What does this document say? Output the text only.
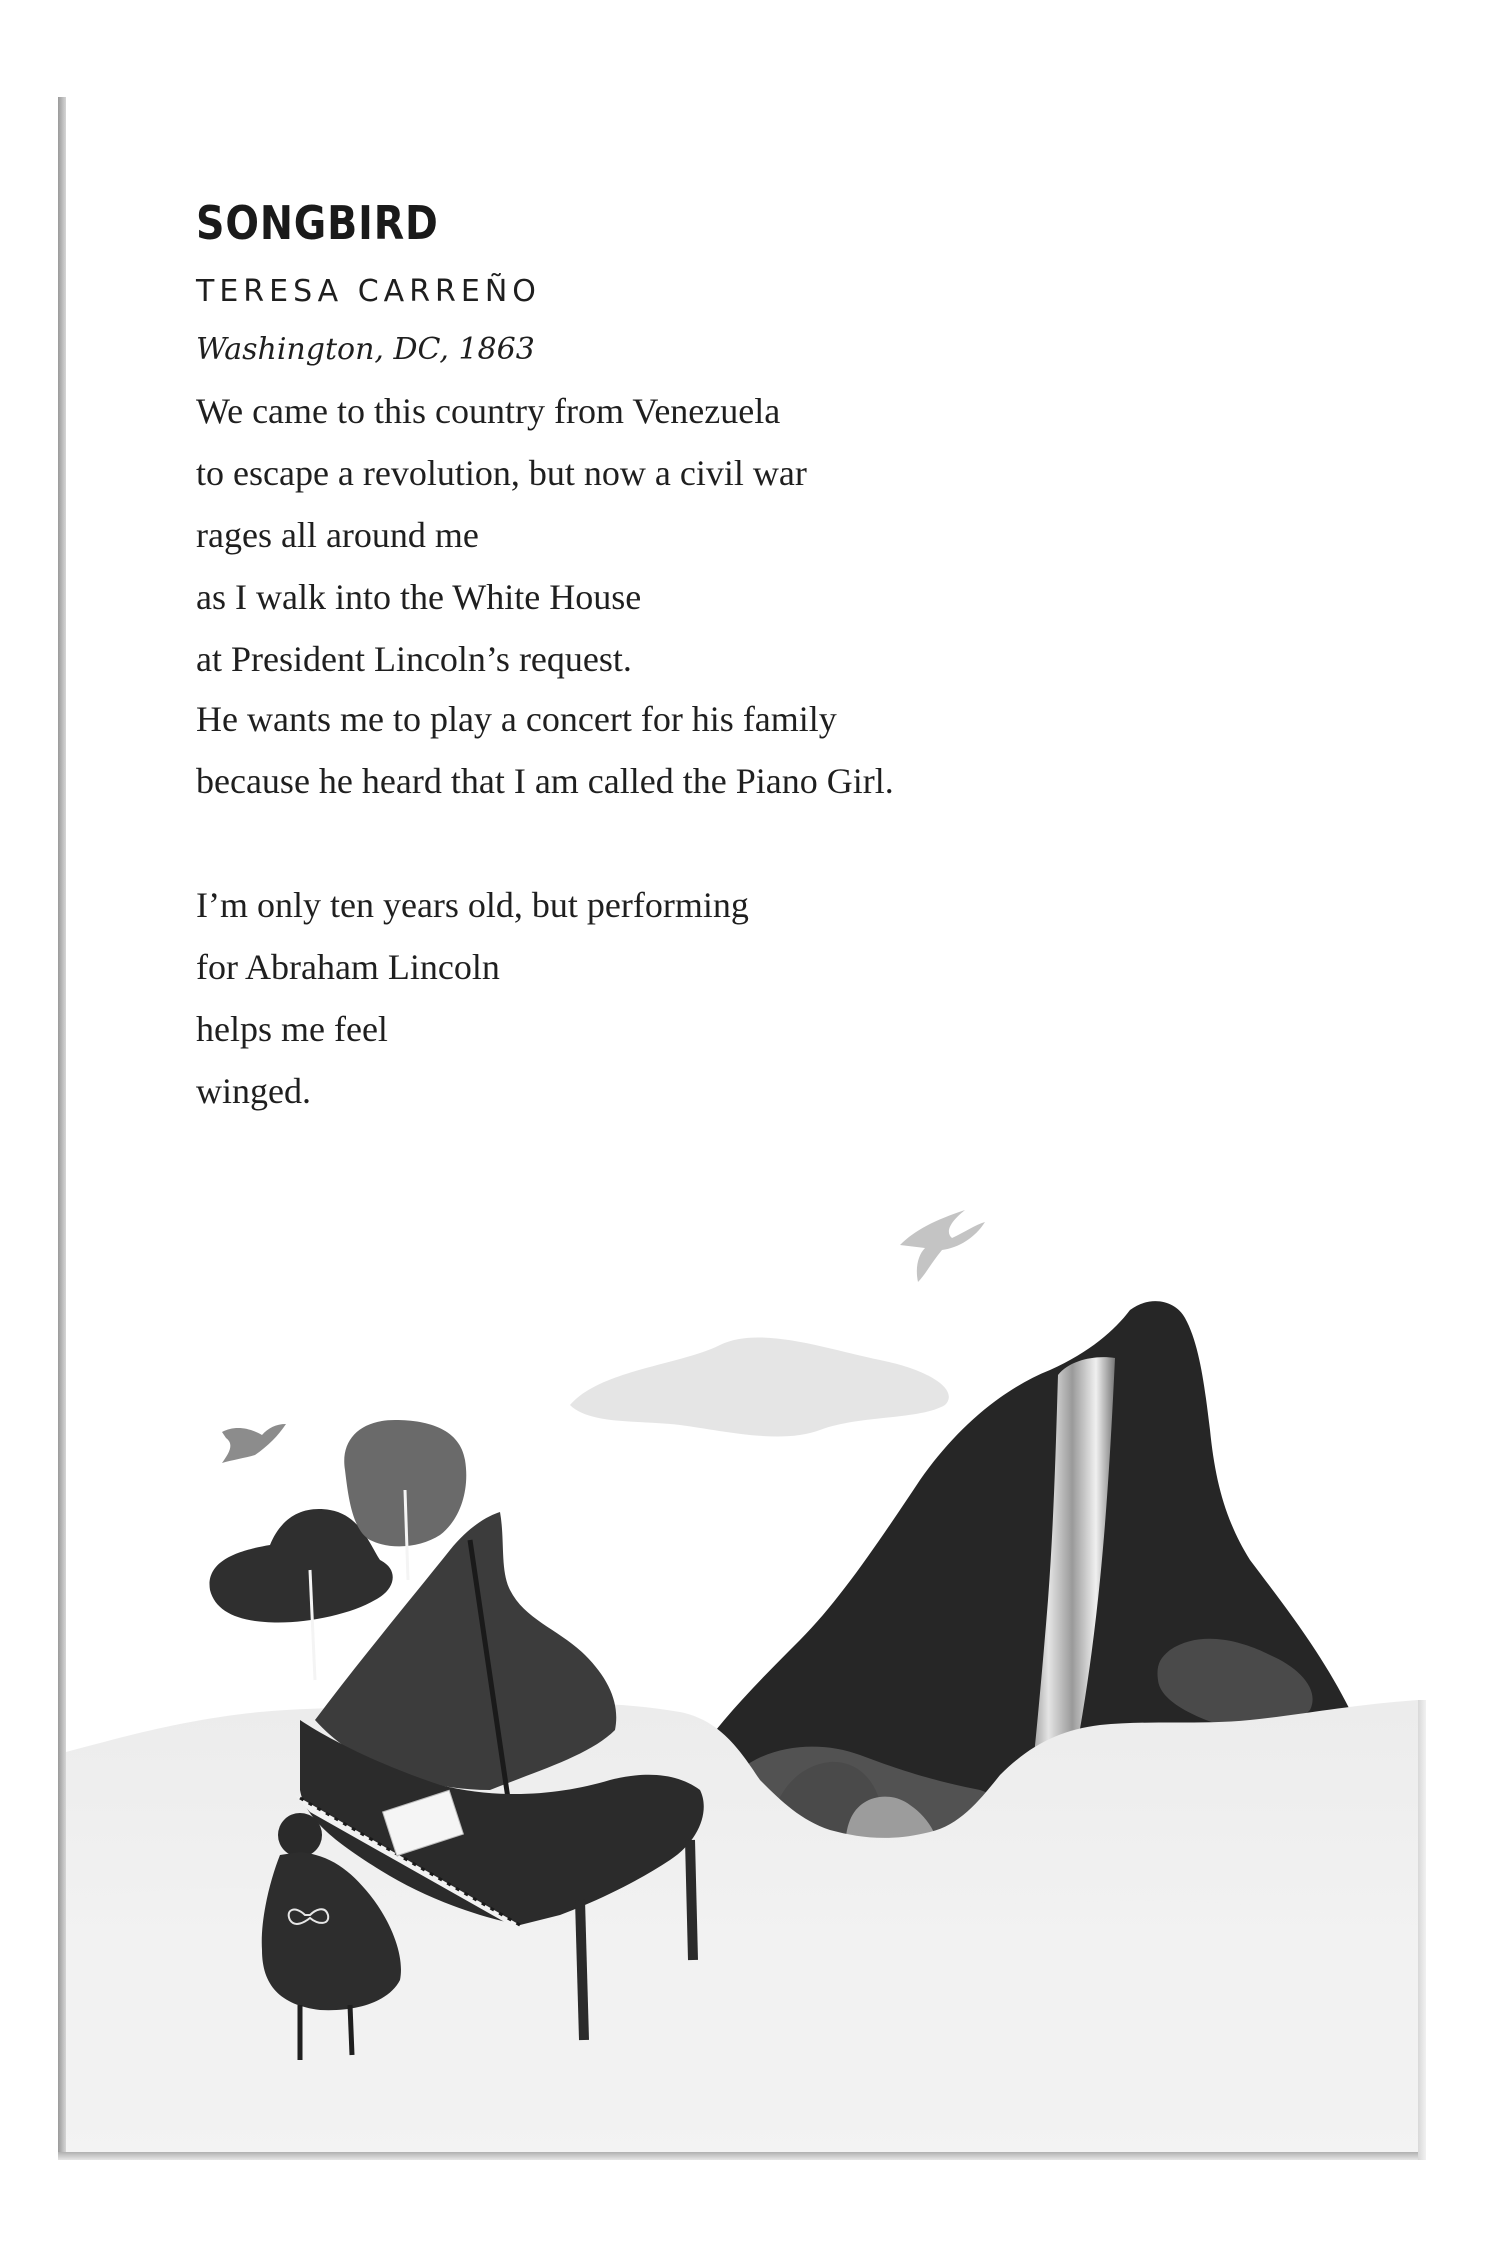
SONGBIRD

TERESA CARREÑO

Washington, DC, 1863

We came to this country from Venezuela
to escape a revolution, but now a civil war
rages all around me
as I walk into the White House
at President Lincoln’s request.
He wants me to play a concert for his family
because he heard that I am called the Piano Girl.
I’m only ten years old, but performing
for Abraham Lincoln
helps me feel
winged.
